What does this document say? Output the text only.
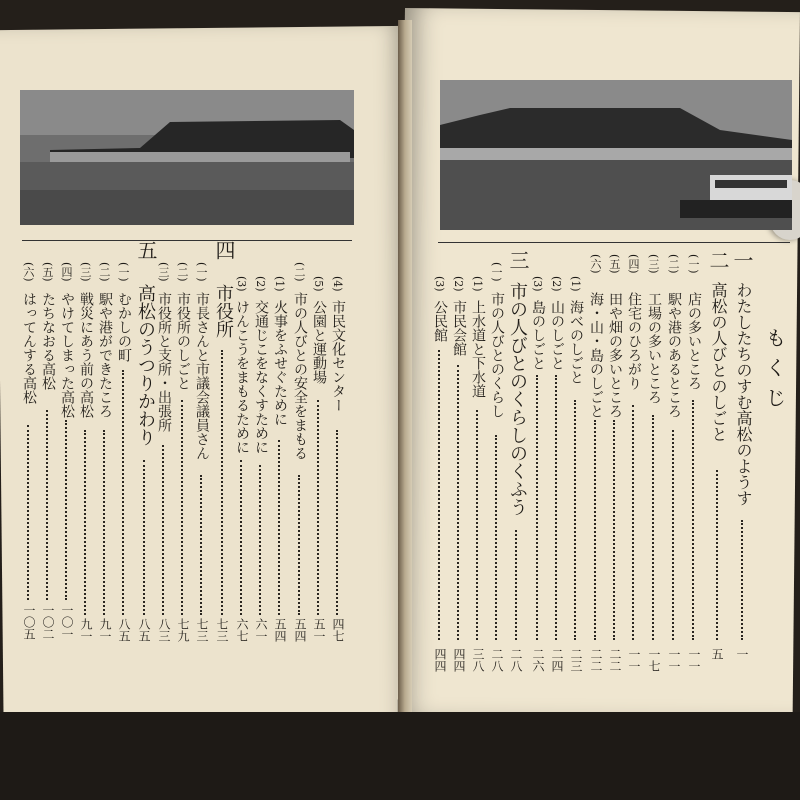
も
く
じ
一
わたしたちのすむ高松のようす
一
二
高松の人びとのしごと
五
(一)
店の多いところ
一一
(二)
駅や港のあるところ
一一
(三)
工場の多いところ
一七
(四)
住宅のひろがり
一一
(五)
田や畑の多いところ
二二
(六)
海・山・島のしごと
二二
(1)
海べのしごと
二三
(2)
山のしごと
二四
(3)
島のしごと
二六
三
市の人びとのくらしのくふう
二八
(一)
市の人びとのくらし
二八
(1)
上水道と下水道
三八
(2)
市民会館
四四
(3)
公民館
四四
(4)
市民文化センター
四七
(5)
公園と運動場
五一
(二)
市の人びとの安全をまもる
五四
(1)
火事をふせぐために
五四
(2)
交通じこをなくすために
六一
(3)
けんこうをまもるために
六七
四
市役所
七三
(一)
市長さんと市議会議員さん
七三
(二)
市役所のしごと
七九
(三)
市役所と支所・出張所
八三
五
高松のうつりかわり
八五
(一)
むかしの町
八五
(二)
駅や港ができたころ
九一
(三)
戦災にあう前の高松
九一
(四)
やけてしまった高松
一〇一
(五)
たちなおる高松
一〇二
(六)
はってんする高松
一〇五
